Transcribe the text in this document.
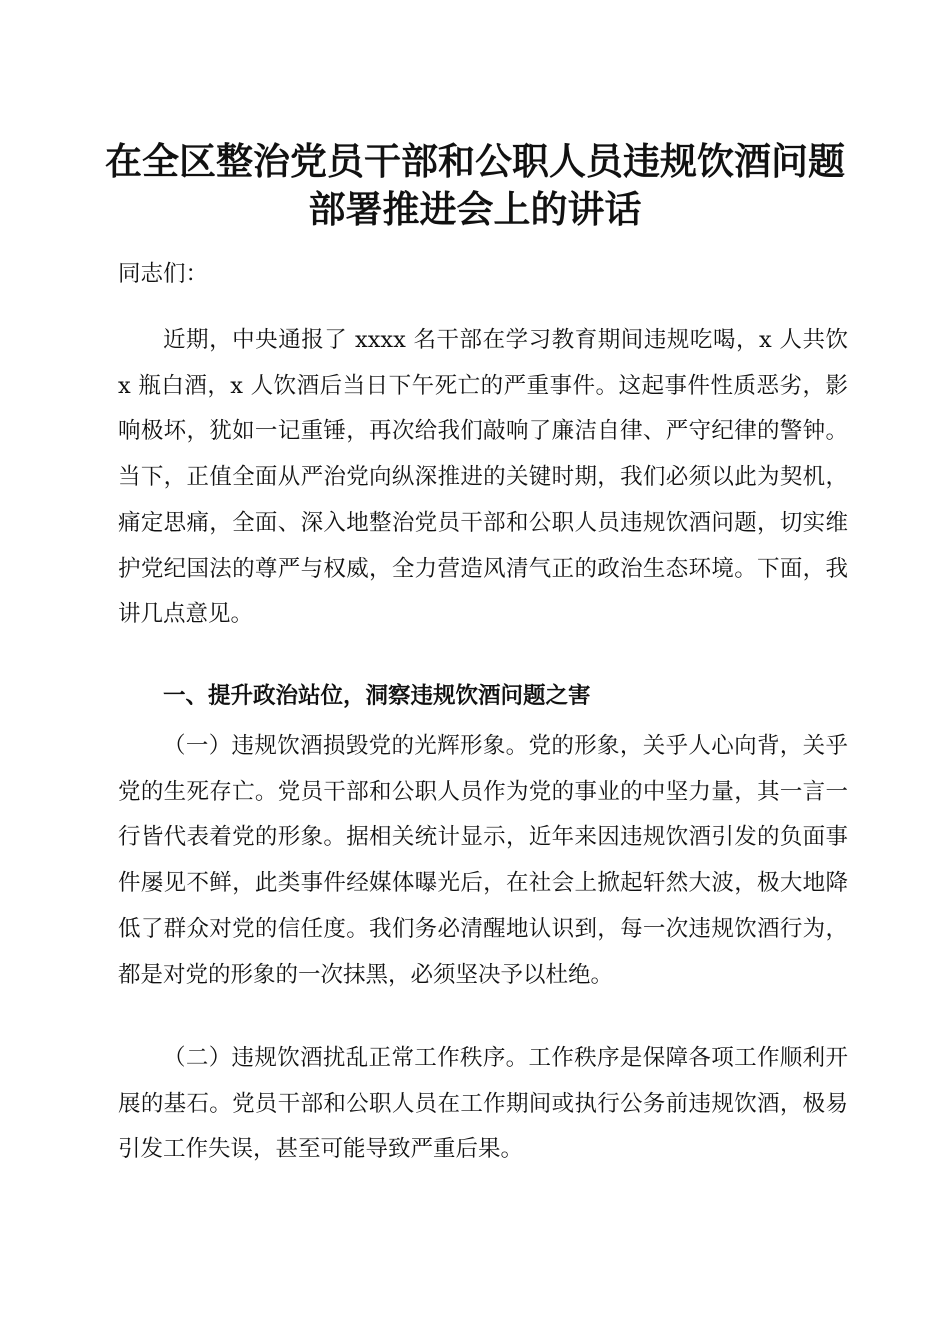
在全区整治党员干部和公职人员违规饮酒问题
部署推进会上的讲话
同志们：

近期，中央通报了 xxxx 名干部在学习教育期间违规吃喝，x 人共饮 x 瓶白酒，x 人饮酒后当日下午死亡的严重事件。这起事件性质恶劣，影响极坏，犹如一记重锤，再次给我们敲响了廉洁自律、严守纪律的警钟。当下，正值全面从严治党向纵深推进的关键时期，我们必须以此为契机，痛定思痛，全面、深入地整治党员干部和公职人员违规饮酒问题，切实维护党纪国法的尊严与权威，全力营造风清气正的政治生态环境。下面，我讲几点意见。

一、提升政治站位，洞察违规饮酒问题之害

（一）违规饮酒损毁党的光辉形象。党的形象，关乎人心向背，关乎党的生死存亡。党员干部和公职人员作为党的事业的中坚力量，其一言一行皆代表着党的形象。据相关统计显示，近年来因违规饮酒引发的负面事件屡见不鲜，此类事件经媒体曝光后，在社会上掀起轩然大波，极大地降低了群众对党的信任度。我们务必清醒地认识到，每一次违规饮酒行为，都是对党的形象的一次抹黑，必须坚决予以杜绝。

（二）违规饮酒扰乱正常工作秩序。工作秩序是保障各项工作顺利开展的基石。党员干部和公职人员在工作期间或执行公务前违规饮酒，极易引发工作失误，甚至可能导致严重后果。
